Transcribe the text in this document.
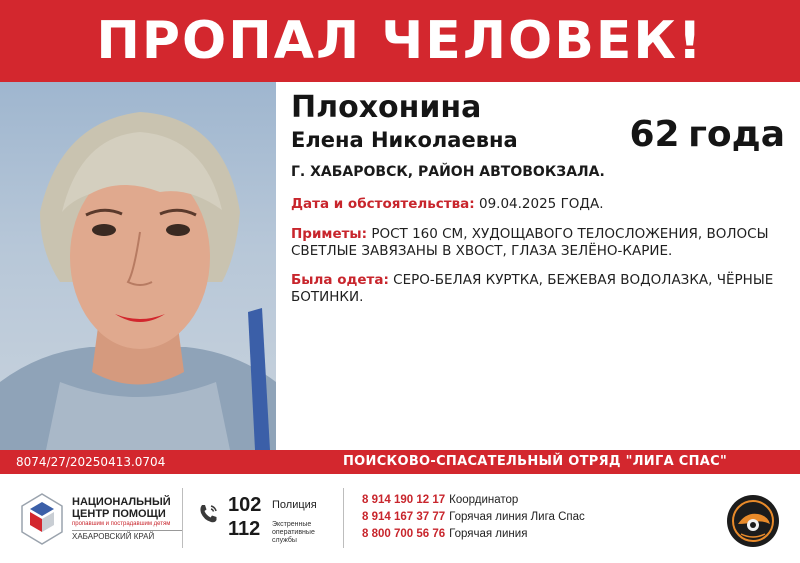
ПРОПАЛ ЧЕЛОВЕК!
Плохонина
Елена Николаевна	62 года
Г. ХАБАРОВСК, РАЙОН АВТОВОКЗАЛА.
Дата и обстоятельства: 09.04.2025 ГОДА.
Приметы: РОСТ 160 СМ, ХУДОЩАВОГО ТЕЛОСЛОЖЕНИЯ, ВОЛОСЫ СВЕТЛЫЕ ЗАВЯЗАНЫ В ХВОСТ, ГЛАЗА ЗЕЛЁНО-КАРИЕ.
Была одета: СЕРО-БЕЛАЯ КУРТКА, БЕЖЕВАЯ ВОДОЛАЗКА, ЧЁРНЫЕ БОТИНКИ.
8074/27/20250413.0704	ПОИСКОВО-СПАСАТЕЛЬНЫЙ ОТРЯД "ЛИГА СПАС"
НАЦИОНАЛЬНЫЙ
ЦЕНТР ПОМОЩИ
пропавшим и пострадавшим детям
ХАБАРОВСКИЙ КРАЙ
102 Полиция
112 Экстренные оперативные службы
8 914 190 12 17 Координатор
8 914 167 37 77 Горячая линия Лига Спас
8 800 700 56 76 Горячая линия
